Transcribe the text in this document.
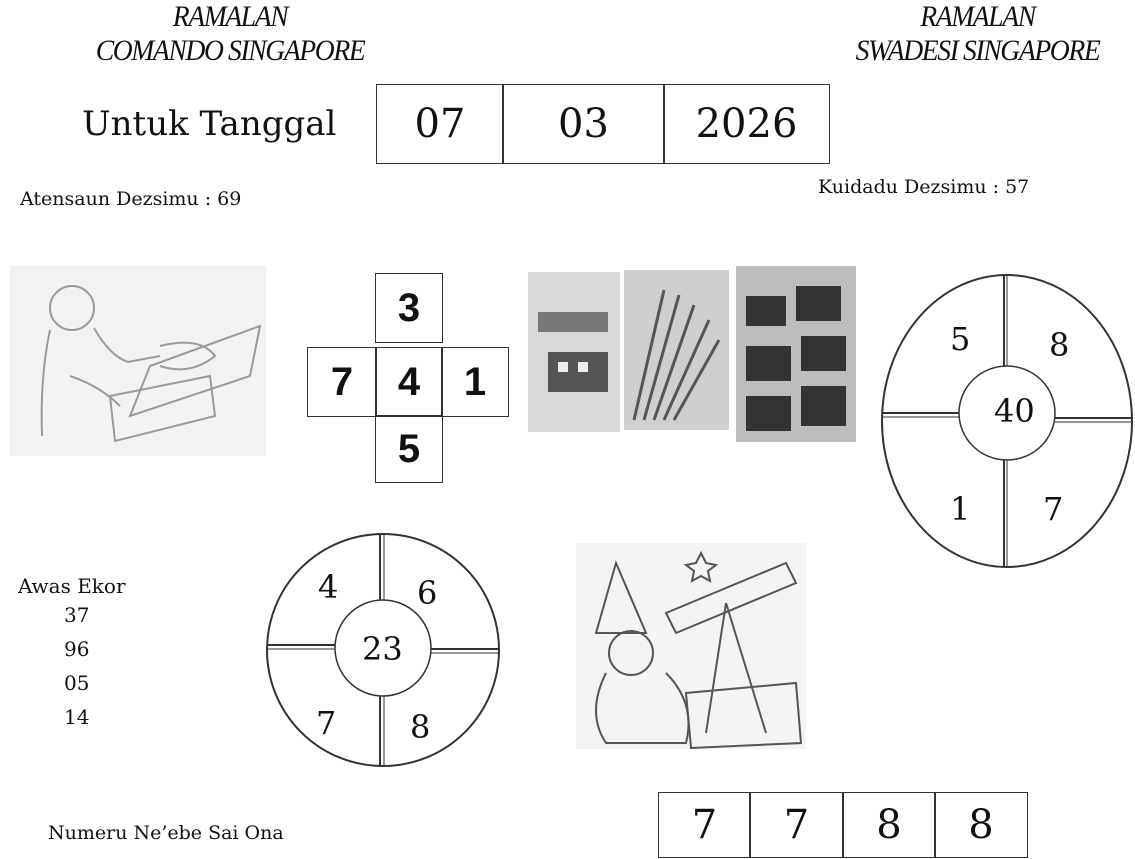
RAMALAN
COMANDO SINGAPORE
RAMALAN
SWADESI SINGAPORE
Untuk Tanggal	07	03	2026
Atensaun Dezsimu : 69
Kuidadu Dezsimu : 57
3
7	4	1
5
5 8
40
1 7
Awas Ekor
37
96
05
14
4 6
23
7 8
Numeru Ne’ebe Sai Ona	7	7	8	8
